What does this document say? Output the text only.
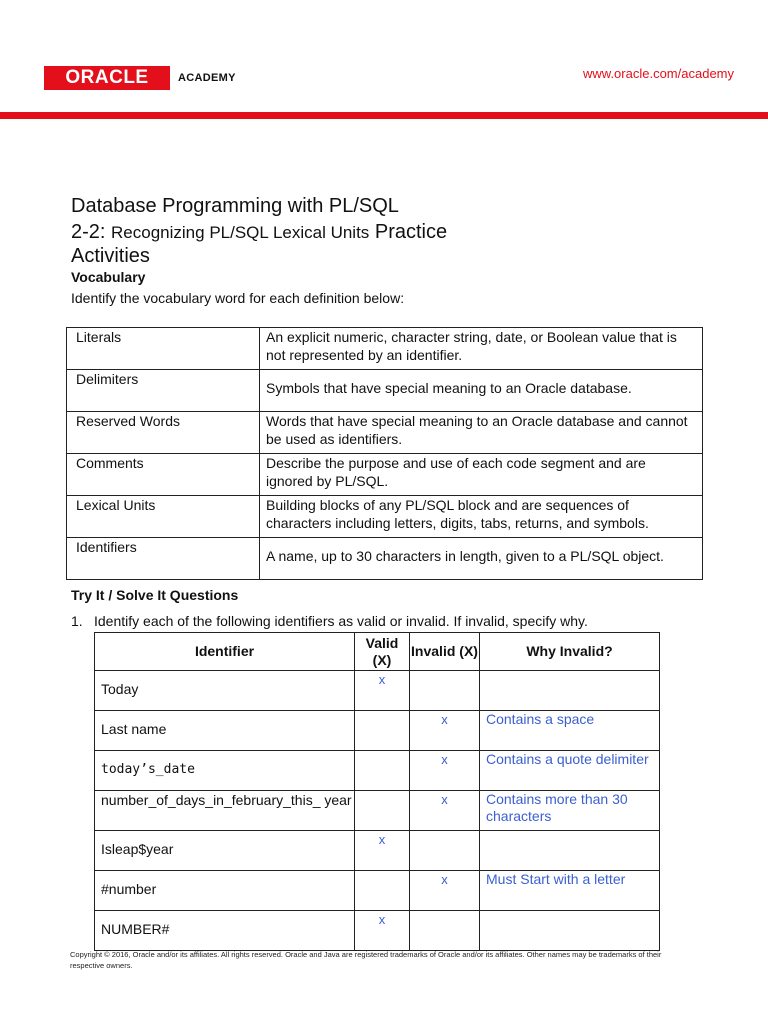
ORACLE	ACADEMY	www.oracle.com/academy
Database Programming with PL/SQL
2-2: Recognizing PL/SQL Lexical Units Practice
Activities
Vocabulary
Identify the vocabulary word for each definition below:
Literals	An explicit numeric, character string, date, or Boolean value that is not represented by an identifier.

Delimiters	Symbols that have special meaning to an Oracle database.

Reserved Words	Words that have special meaning to an Oracle database and cannot be used as identifiers.

Comments	Describe the purpose and use of each code segment and are ignored by PL/SQL.

Lexical Units	Building blocks of any PL/SQL block and are sequences of characters including letters, digits, tabs, returns, and symbols.

Identifiers	A name, up to 30 characters in length, given to a PL/SQL object.
Try It / Solve It Questions
1. Identify each of the following identifiers as valid or invalid. If invalid, specify why.
Identifier	Valid (X)	Invalid (X)	Why Invalid?

Today	x		

Last name		x	Contains a space

today’s_date		x	Contains a quote delimiter

number_of_days_in_february_this_ year		x	Contains more than 30 characters

Isleap$year	x		

#number		x	Must Start with a letter

NUMBER#	x		

Copyright © 2016, Oracle and/or its affiliates. All rights reserved. Oracle and Java are registered trademarks of Oracle and/or its affiliates. Other names may be trademarks of their respective owners.
